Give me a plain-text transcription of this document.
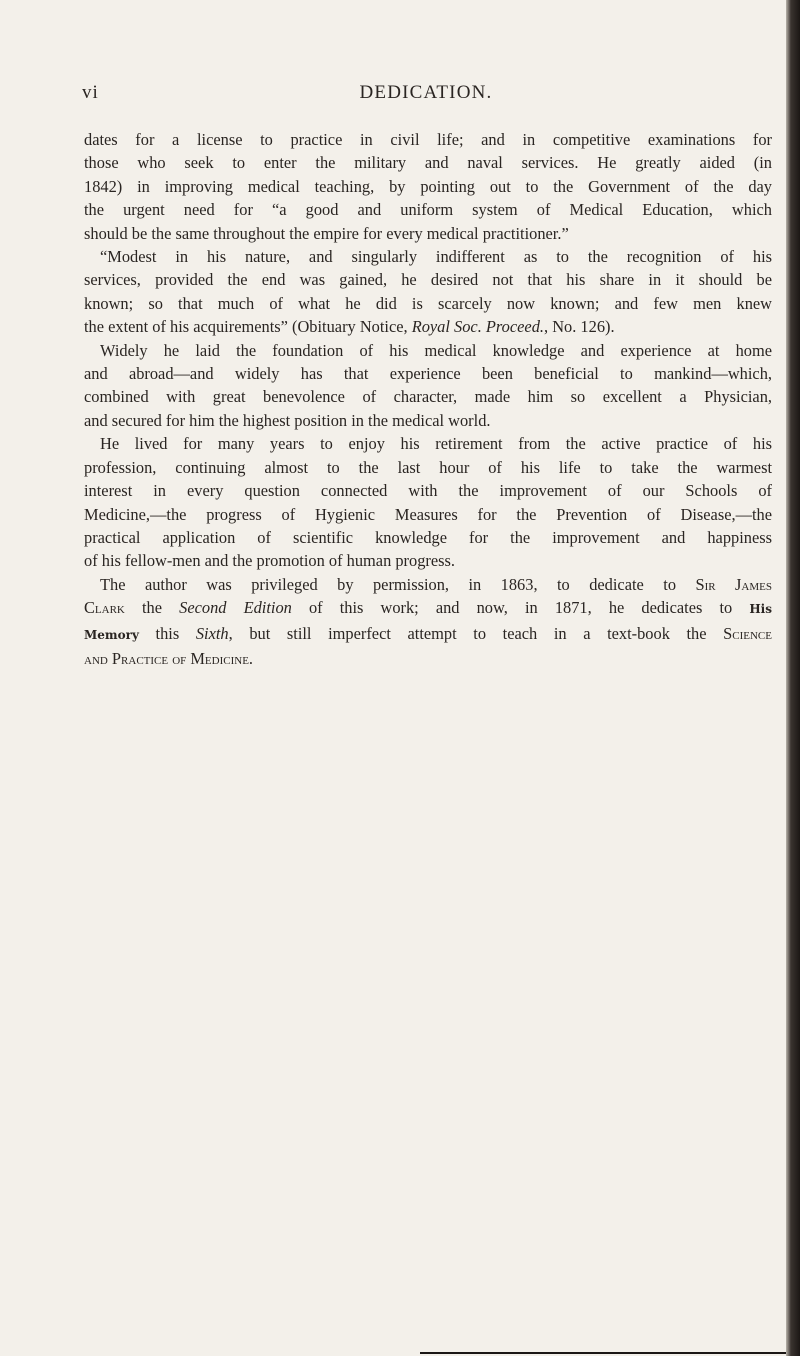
vi	DEDICATION.
dates for a license to practice in civil life; and in competitive examinations for
those who seek to enter the military and naval services. He greatly aided (in
1842) in improving medical teaching, by pointing out to the Government of the day
the urgent need for “a good and uniform system of Medical Education, which
should be the same throughout the empire for every medical practitioner.”
“Modest in his nature, and singularly indifferent as to the recognition of his
services, provided the end was gained, he desired not that his share in it should be
known; so that much of what he did is scarcely now known; and few men knew
the extent of his acquirements” (Obituary Notice, Royal Soc. Proceed., No. 126).
Widely he laid the foundation of his medical knowledge and experience at home
and abroad—and widely has that experience been beneficial to mankind—which,
combined with great benevolence of character, made him so excellent a Physician,
and secured for him the highest position in the medical world.
He lived for many years to enjoy his retirement from the active practice of his
profession, continuing almost to the last hour of his life to take the warmest
interest in every question connected with the improvement of our Schools of
Medicine,—the progress of Hygienic Measures for the Prevention of Disease,—the
practical application of scientific knowledge for the improvement and happiness
of his fellow-men and the promotion of human progress.
The author was privileged by permission, in 1863, to dedicate to Sir James
Clark the Second Edition of this work; and now, in 1871, he dedicates to His
Memory this Sixth, but still imperfect attempt to teach in a text-book the Science
and Practice of Medicine.
